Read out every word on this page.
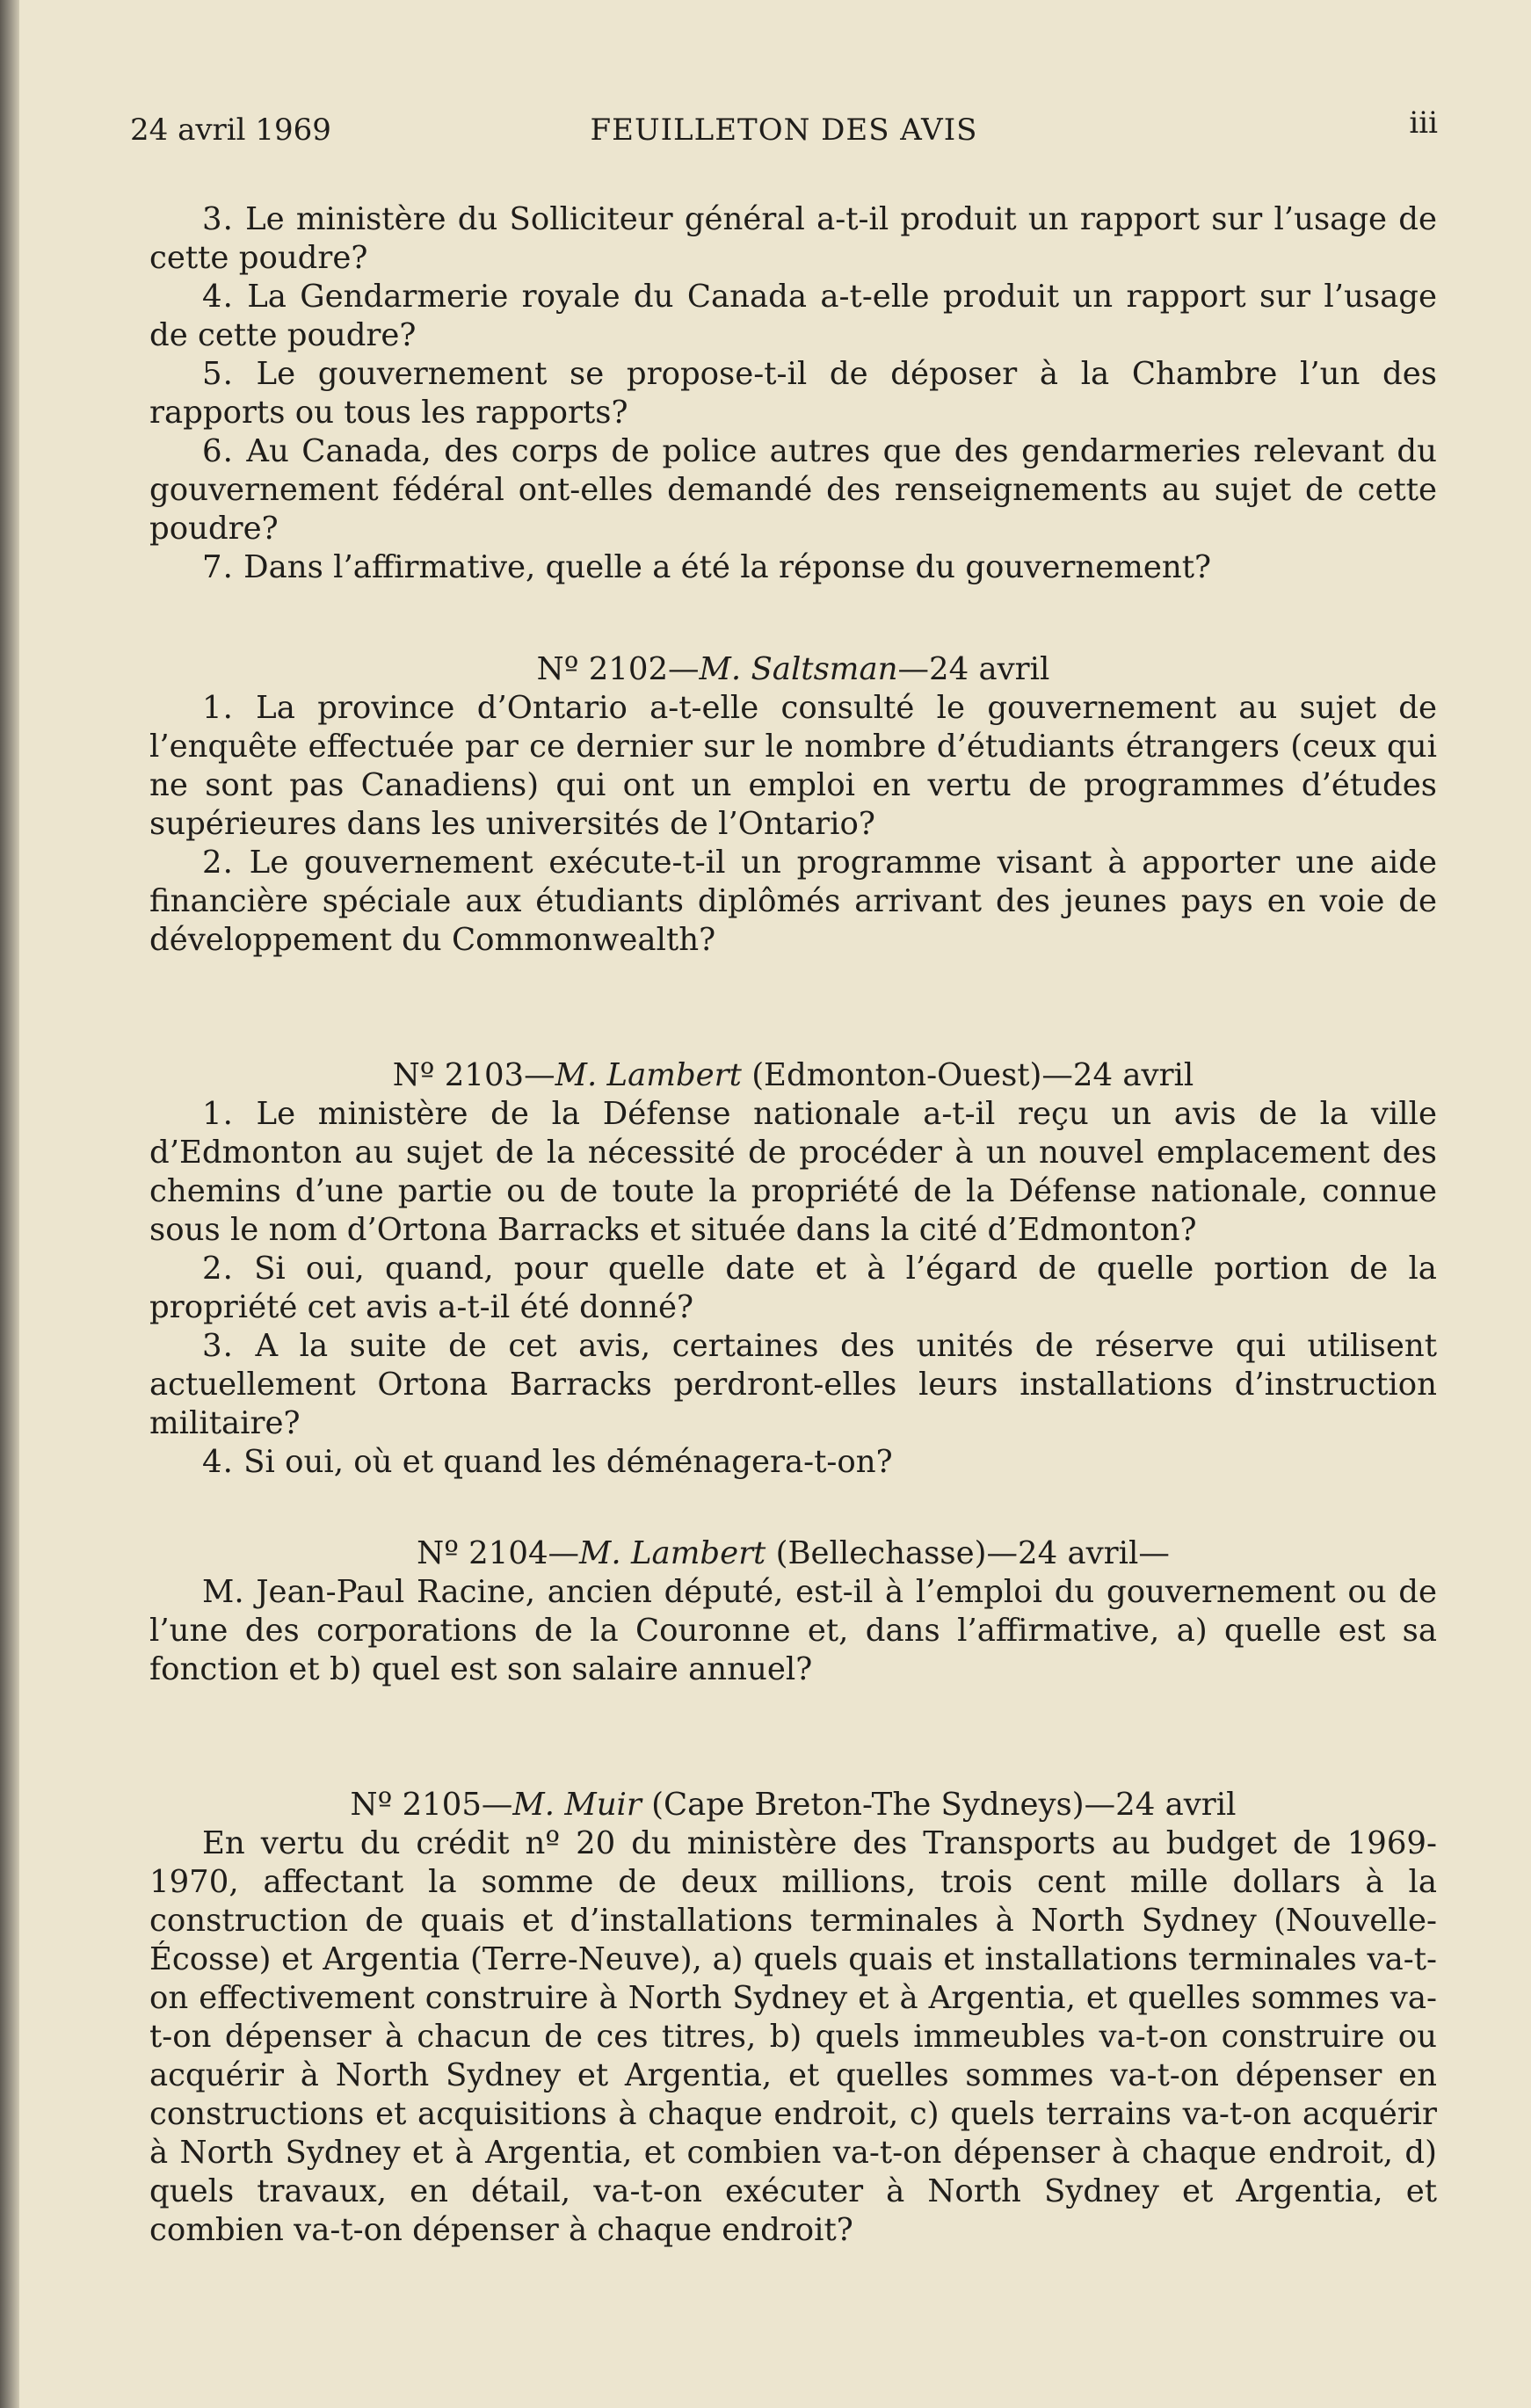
24 avril 1969	FEUILLETON DES AVIS	iii

3. Le ministère du Solliciteur général a-t-il produit un rapport sur l’usage de cette poudre?

4. La Gendarmerie royale du Canada a-t-elle produit un rapport sur l’usage de cette poudre?

5. Le gouvernement se propose-t-il de déposer à la Chambre l’un des rapports ou tous les rapports?

6. Au Canada, des corps de police autres que des gendarmeries relevant du gouvernement fédéral ont-elles demandé des renseignements au sujet de cette poudre?

7. Dans l’affirmative, quelle a été la réponse du gouvernement?

Nº 2102—M. Saltsman—24 avril

1. La province d’Ontario a-t-elle consulté le gouvernement au sujet de l’enquête effectuée par ce dernier sur le nombre d’étudiants étrangers (ceux qui ne sont pas Canadiens) qui ont un emploi en vertu de programmes d’études supérieures dans les universités de l’Ontario?

2. Le gouvernement exécute-t-il un programme visant à apporter une aide financière spéciale aux étudiants diplômés arrivant des jeunes pays en voie de développement du Commonwealth?

Nº 2103—M. Lambert (Edmonton-Ouest)—24 avril

1. Le ministère de la Défense nationale a-t-il reçu un avis de la ville d’Edmonton au sujet de la nécessité de procéder à un nouvel emplacement des chemins d’une partie ou de toute la propriété de la Défense nationale, connue sous le nom d’Ortona Barracks et située dans la cité d’Edmonton?

2. Si oui, quand, pour quelle date et à l’égard de quelle portion de la propriété cet avis a-t-il été donné?

3. A la suite de cet avis, certaines des unités de réserve qui utilisent actuellement Ortona Barracks perdront-elles leurs installations d’instruction militaire?

4. Si oui, où et quand les déménagera-t-on?

Nº 2104—M. Lambert (Bellechasse)—24 avril—

M. Jean-Paul Racine, ancien député, est-il à l’emploi du gouvernement ou de l’une des corporations de la Couronne et, dans l’affirmative, a) quelle est sa fonction et b) quel est son salaire annuel?

Nº 2105—M. Muir (Cape Breton-The Sydneys)—24 avril

En vertu du crédit nº 20 du ministère des Transports au budget de 1969-1970, affectant la somme de deux millions, trois cent mille dollars à la construction de quais et d’installations terminales à North Sydney (Nouvelle-Écosse) et Argentia (Terre-Neuve), a) quels quais et installations terminales va-t-on effectivement construire à North Sydney et à Argentia, et quelles sommes va-t-on dépenser à chacun de ces titres, b) quels immeubles va-t-on construire ou acquérir à North Sydney et Argentia, et quelles sommes va-t-on dépenser en constructions et acquisitions à chaque endroit, c) quels terrains va-t-on acquérir à North Sydney et à Argentia, et combien va-t-on dépenser à chaque endroit, d) quels travaux, en détail, va-t-on exécuter à North Sydney et Argentia, et combien va-t-on dépenser à chaque endroit?
